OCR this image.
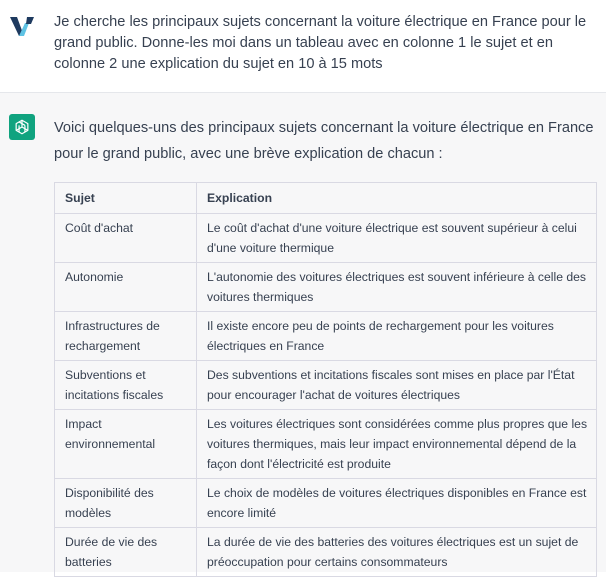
Je cherche les principaux sujets concernant la voiture électrique en France pour le grand public. Donne-les moi dans un tableau avec en colonne 1 le sujet et en colonne 2 une explication du sujet en 10 à 15 mots
Voici quelques-uns des principaux sujets concernant la voiture électrique en France pour le grand public, avec une brève explication de chacun :
Sujet	Explication
Coût d'achat	Le coût d'achat d'une voiture électrique est souvent supérieur à celui d'une voiture thermique
Autonomie	L'autonomie des voitures électriques est souvent inférieure à celle des voitures thermiques
Infrastructures de rechargement	Il existe encore peu de points de rechargement pour les voitures électriques en France
Subventions et incitations fiscales	Des subventions et incitations fiscales sont mises en place par l'État pour encourager l'achat de voitures électriques
Impact environnemental	Les voitures électriques sont considérées comme plus propres que les voitures thermiques, mais leur impact environnemental dépend de la façon dont l'électricité est produite
Disponibilité des modèles	Le choix de modèles de voitures électriques disponibles en France est encore limité
Durée de vie des batteries	La durée de vie des batteries des voitures électriques est un sujet de préoccupation pour certains consommateurs
